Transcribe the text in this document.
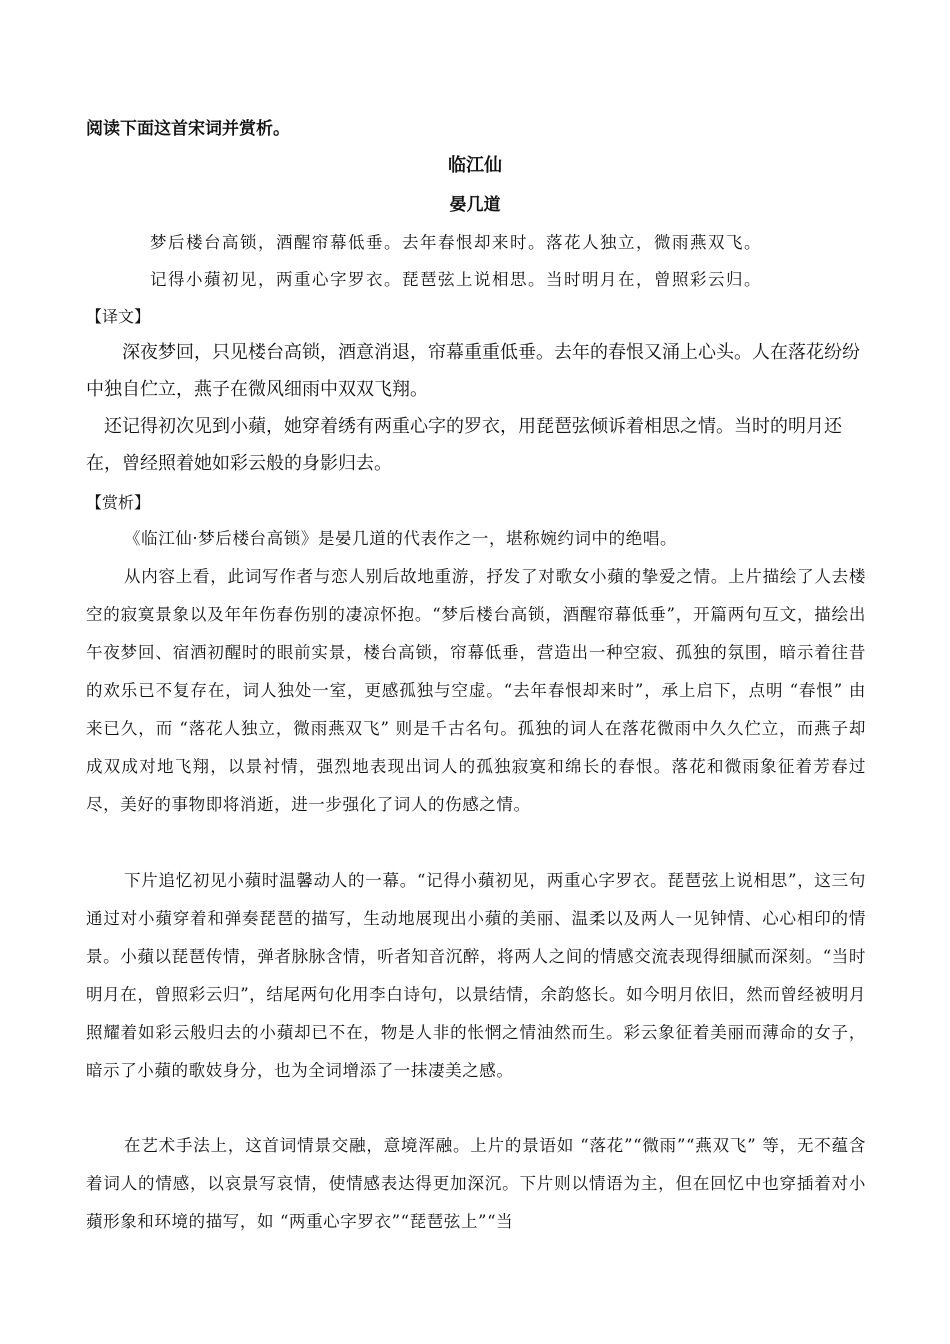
阅读下面这首宋词并赏析。
临江仙
晏几道
梦后楼台高锁，酒醒帘幕低垂。去年春恨却来时。落花人独立，微雨燕双飞。
记得小蘋初见，两重心字罗衣。琵琶弦上说相思。当时明月在，曾照彩云归。
【译文】

深夜梦回，只见楼台高锁，酒意消退，帘幕重重低垂。去年的春恨又涌上心头。人在落花纷纷中独自伫立，燕子在微风细雨中双双飞翔。

还记得初次见到小蘋，她穿着绣有两重心字的罗衣，用琵琶弦倾诉着相思之情。当时的明月还在，曾经照着她如彩云般的身影归去。

【赏析】

《临江仙·梦后楼台高锁》是晏几道的代表作之一，堪称婉约词中的绝唱。

从内容上看，此词写作者与恋人别后故地重游，抒发了对歌女小蘋的挚爱之情。上片描绘了人去楼空的寂寞景象以及年年伤春伤别的凄凉怀抱。“梦后楼台高锁，酒醒帘幕低垂”，开篇两句互文，描绘出午夜梦回、宿酒初醒时的眼前实景，楼台高锁，帘幕低垂，营造出一种空寂、孤独的氛围，暗示着往昔的欢乐已不复存在，词人独处一室，更感孤独与空虚。“去年春恨却来时”，承上启下，点明 “春恨” 由来已久，而 “落花人独立，微雨燕双飞” 则是千古名句。孤独的词人在落花微雨中久久伫立，而燕子却成双成对地飞翔，以景衬情，强烈地表现出词人的孤独寂寞和绵长的春恨。落花和微雨象征着芳春过尽，美好的事物即将消逝，进一步强化了词人的伤感之情。

下片追忆初见小蘋时温馨动人的一幕。“记得小蘋初见，两重心字罗衣。琵琶弦上说相思”，这三句通过对小蘋穿着和弹奏琵琶的描写，生动地展现出小蘋的美丽、温柔以及两人一见钟情、心心相印的情景。小蘋以琵琶传情，弹者脉脉含情，听者知音沉醉，将两人之间的情感交流表现得细腻而深刻。“当时明月在，曾照彩云归”，结尾两句化用李白诗句，以景结情，余韵悠长。如今明月依旧，然而曾经被明月照耀着如彩云般归去的小蘋却已不在，物是人非的怅惘之情油然而生。彩云象征着美丽而薄命的女子，暗示了小蘋的歌妓身分，也为全词增添了一抹凄美之感。

在艺术手法上，这首词情景交融，意境浑融。上片的景语如 “落花”“微雨”“燕双飞” 等，无不蕴含着词人的情感，以哀景写哀情，使情感表达得更加深沉。下片则以情语为主，但在回忆中也穿插着对小蘋形象和环境的描写，如 “两重心字罗衣”“琵琶弦上”“当
